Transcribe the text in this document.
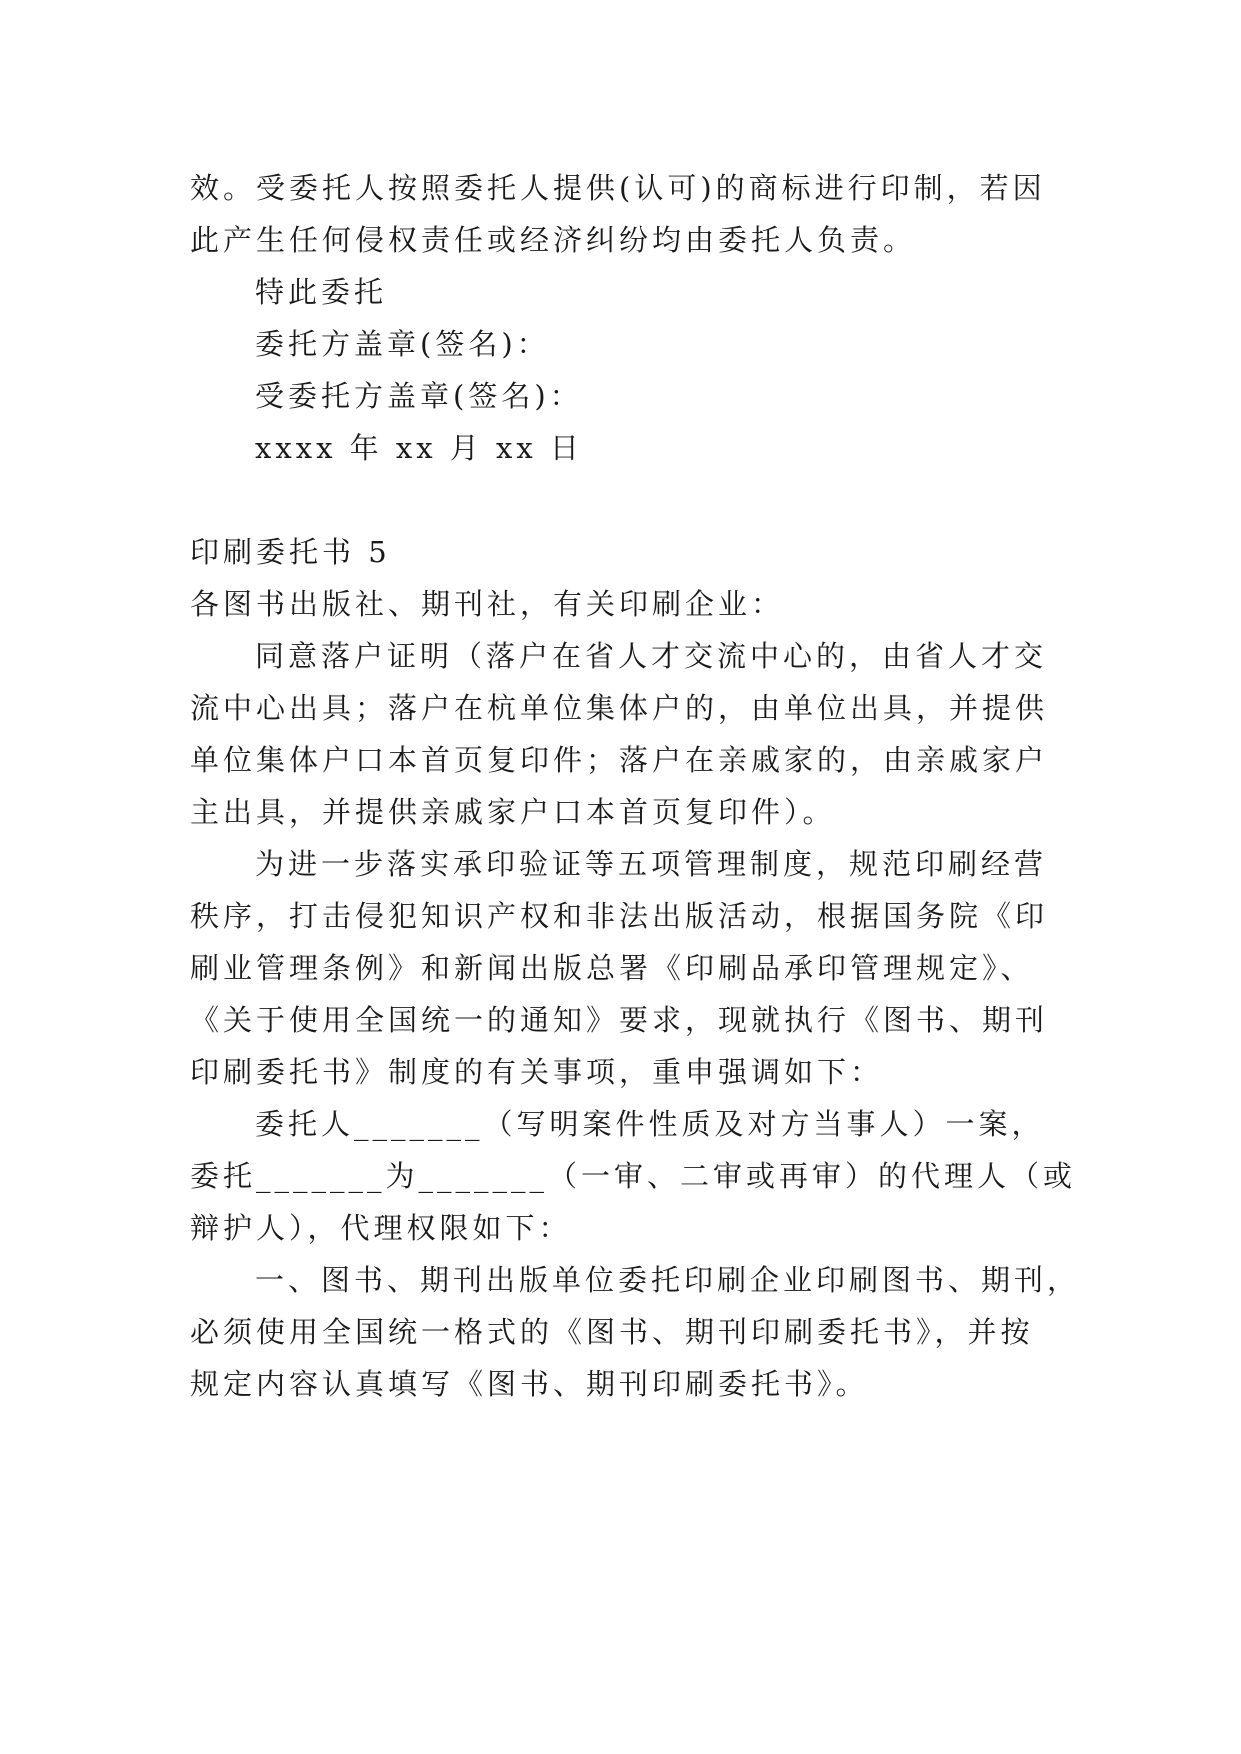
效。受委托人按照委托人提供(认可)的商标进行印制，若因
此产生任何侵权责任或经济纠纷均由委托人负责。
特此委托
委托方盖章(签名)：
受委托方盖章(签名)：
xxxx 年 xx 月 xx 日
印刷委托书 5
各图书出版社、期刊社，有关印刷企业：
同意落户证明（落户在省人才交流中心的，由省人才交
流中心出具；落户在杭单位集体户的，由单位出具，并提供
单位集体户口本首页复印件；落户在亲戚家的，由亲戚家户
主出具，并提供亲戚家户口本首页复印件）。
为进一步落实承印验证等五项管理制度，规范印刷经营
秩序，打击侵犯知识产权和非法出版活动，根据国务院《印
刷业管理条例》和新闻出版总署《印刷品承印管理规定》、
《关于使用全国统一的通知》要求，现就执行《图书、期刊
印刷委托书》制度的有关事项，重申强调如下：
委托人_______（写明案件性质及对方当事人）一案，
委托_______为_______（一审、二审或再审）的代理人（或
辩护人），代理权限如下：
一、图书、期刊出版单位委托印刷企业印刷图书、期刊，
必须使用全国统一格式的《图书、期刊印刷委托书》，并按
规定内容认真填写《图书、期刊印刷委托书》。
